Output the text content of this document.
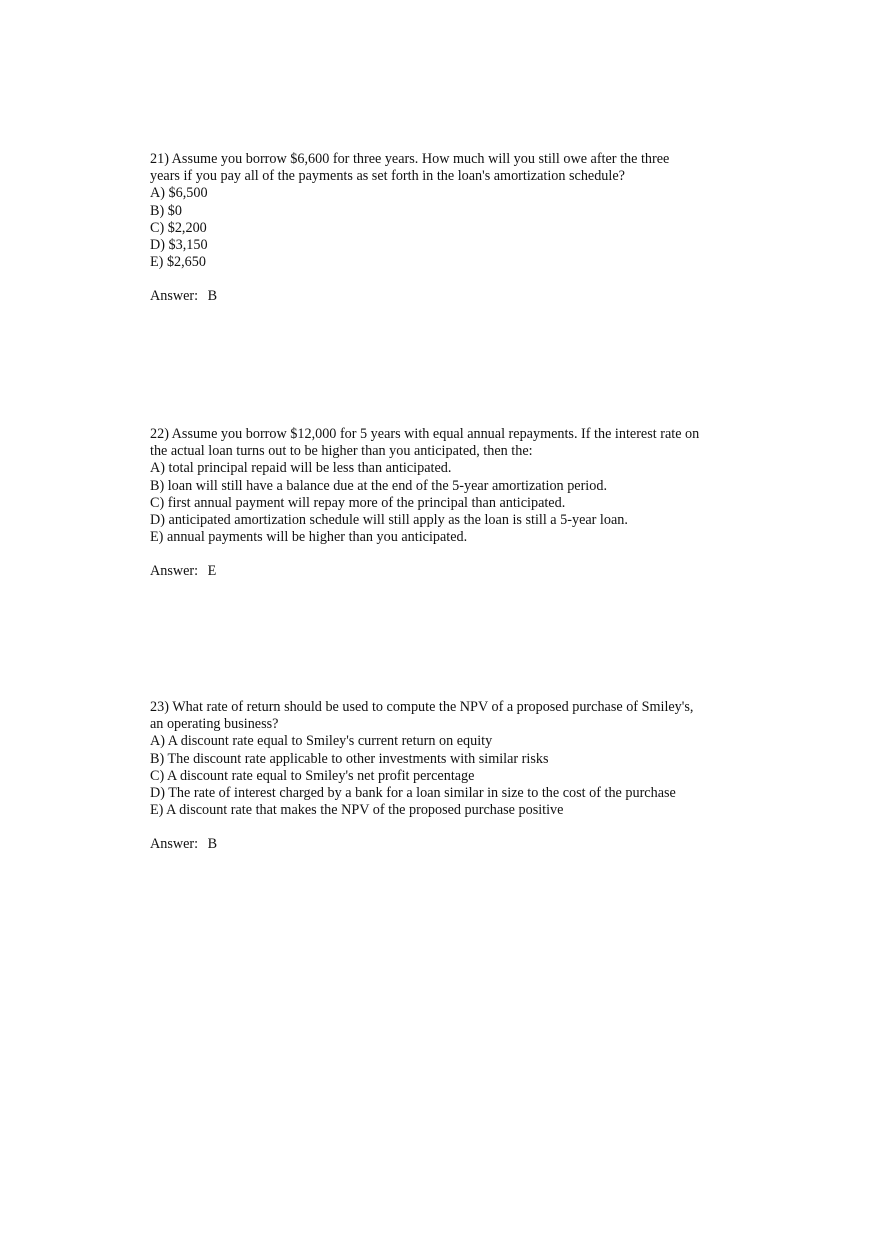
21) Assume you borrow $6,600 for three years. How much will you still owe after the three
years if you pay all of the payments as set forth in the loan's amortization schedule?
A) $6,500
B) $0
C) $2,200
D) $3,150
E) $2,650
Answer: B
22) Assume you borrow $12,000 for 5 years with equal annual repayments. If the interest rate on
the actual loan turns out to be higher than you anticipated, then the:
A) total principal repaid will be less than anticipated.
B) loan will still have a balance due at the end of the 5-year amortization period.
C) first annual payment will repay more of the principal than anticipated.
D) anticipated amortization schedule will still apply as the loan is still a 5-year loan.
E) annual payments will be higher than you anticipated.
Answer: E
23) What rate of return should be used to compute the NPV of a proposed purchase of Smiley's,
an operating business?
A) A discount rate equal to Smiley's current return on equity
B) The discount rate applicable to other investments with similar risks
C) A discount rate equal to Smiley's net profit percentage
D) The rate of interest charged by a bank for a loan similar in size to the cost of the purchase
E) A discount rate that makes the NPV of the proposed purchase positive
Answer: B
